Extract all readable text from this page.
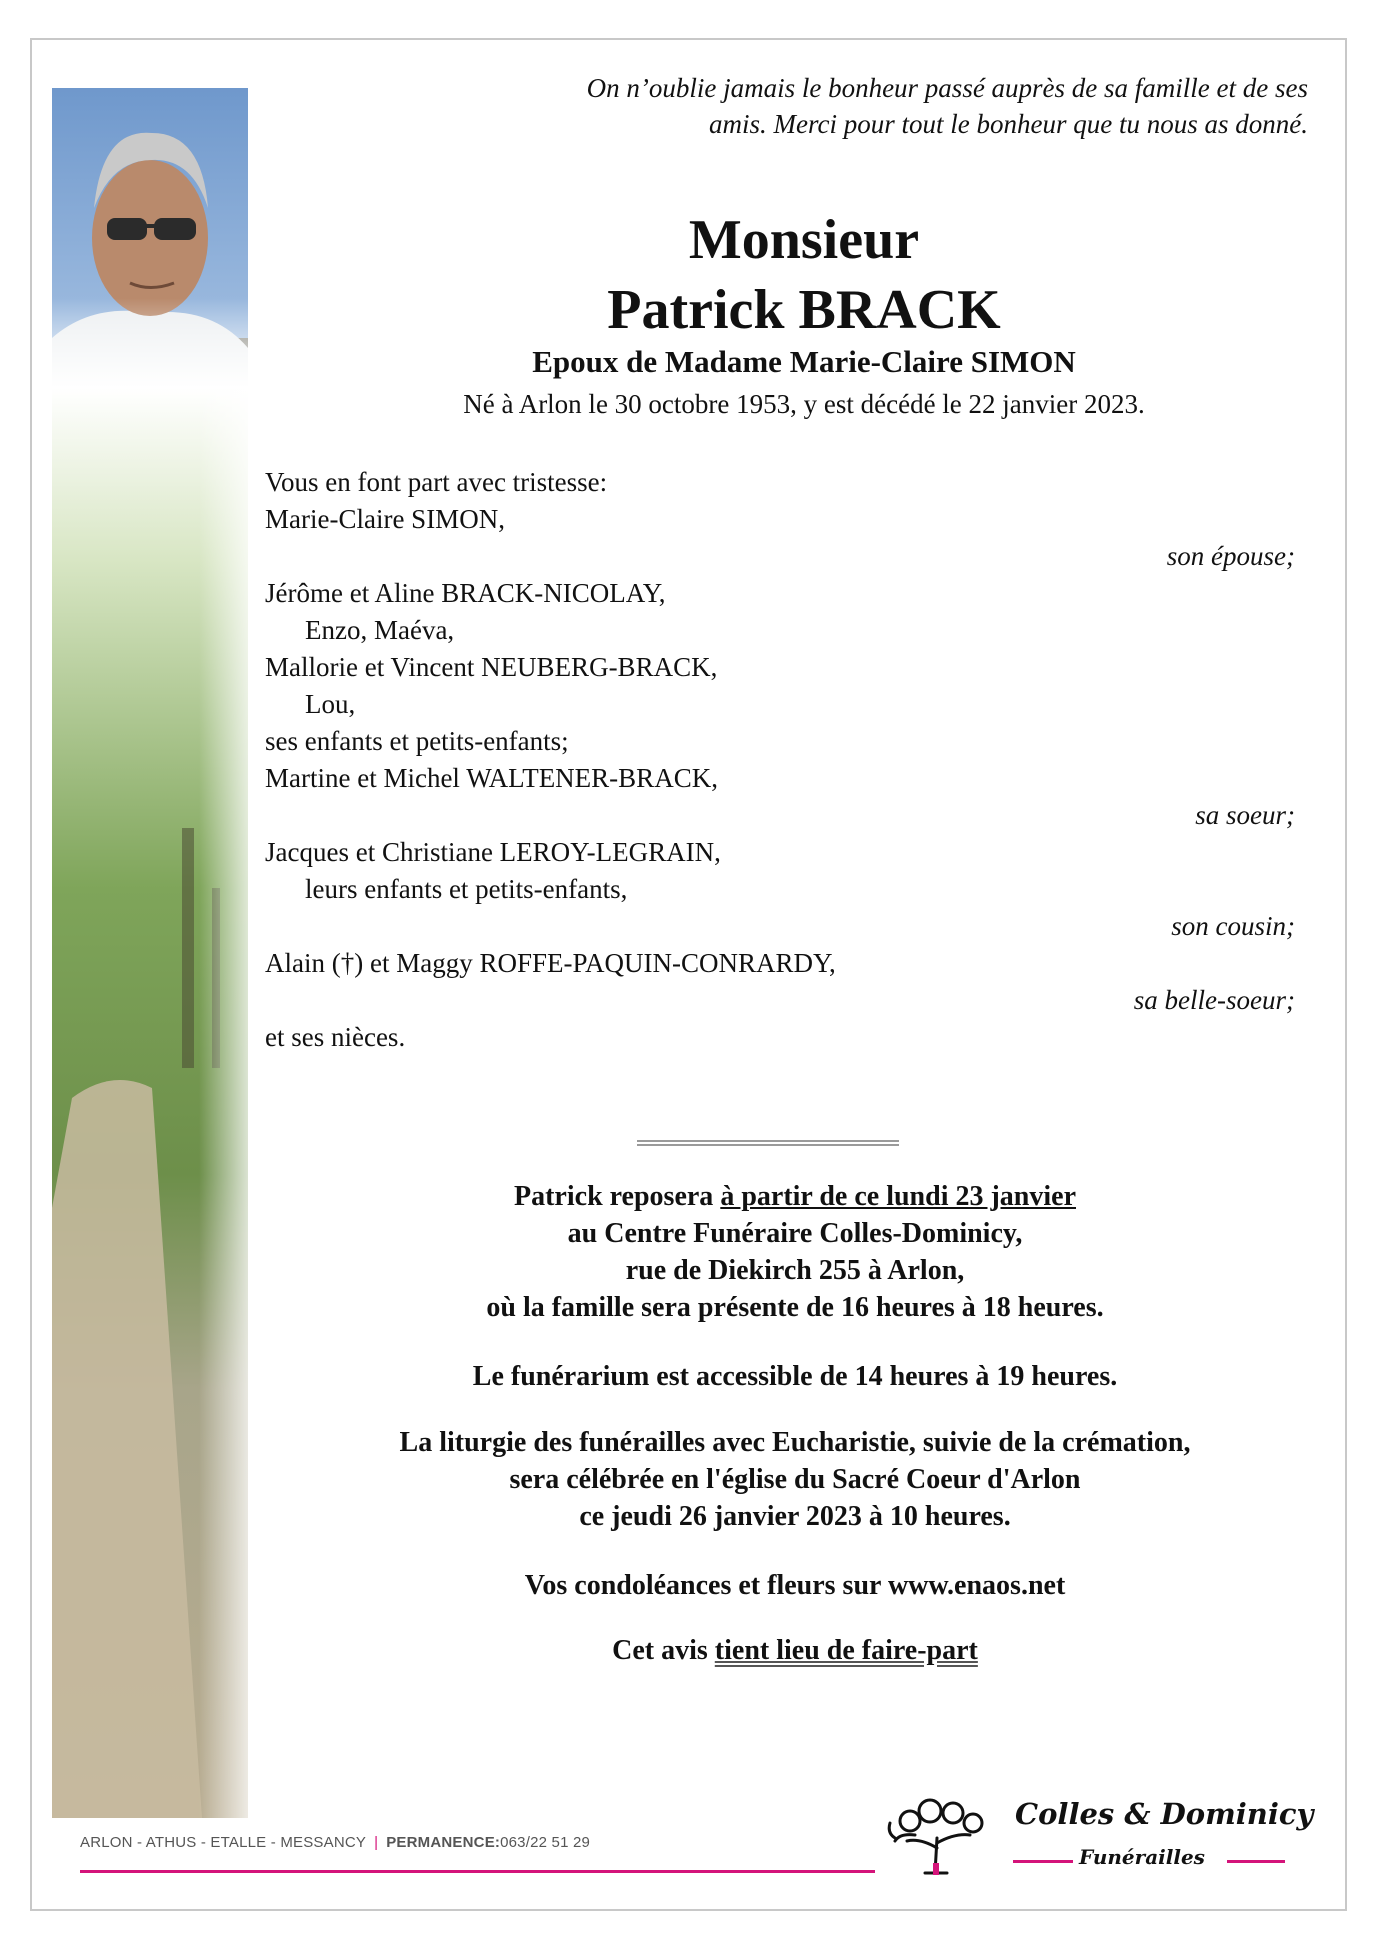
On n’oublie jamais le bonheur passé auprès de sa famille et de ses
amis. Merci pour tout le bonheur que tu nous as donné.
Monsieur
Patrick BRACK
Epoux de Madame Marie-Claire SIMON
Né à Arlon le 30 octobre 1953, y est décédé le 22 janvier 2023.
Vous en font part avec tristesse:
Marie-Claire SIMON,
son épouse;
Jérôme et Aline BRACK-NICOLAY,
Enzo, Maéva,
Mallorie et Vincent NEUBERG-BRACK,
Lou,
ses enfants et petits-enfants;
Martine et Michel WALTENER-BRACK,
sa soeur;
Jacques et Christiane LEROY-LEGRAIN,
leurs enfants et petits-enfants,
son cousin;
Alain (†) et Maggy ROFFE-PAQUIN-CONRARDY,
sa belle-soeur;
et ses nièces.
Patrick reposera à partir de ce lundi 23 janvier
au Centre Funéraire Colles-Dominicy,
rue de Diekirch 255 à Arlon,
où la famille sera présente de 16 heures à 18 heures.
Le funérarium est accessible de 14 heures à 19 heures.
La liturgie des funérailles avec Eucharistie, suivie de la crémation,
sera célébrée en l'église du Sacré Coeur d'Arlon
ce jeudi 26 janvier 2023 à 10 heures.
Vos condoléances et fleurs sur www.enaos.net
Cet avis tient lieu de faire-part
ARLON - ATHUS - ETALLE - MESSANCY | PERMANENCE:063/22 51 29
Colles & Dominicy
Funérailles
